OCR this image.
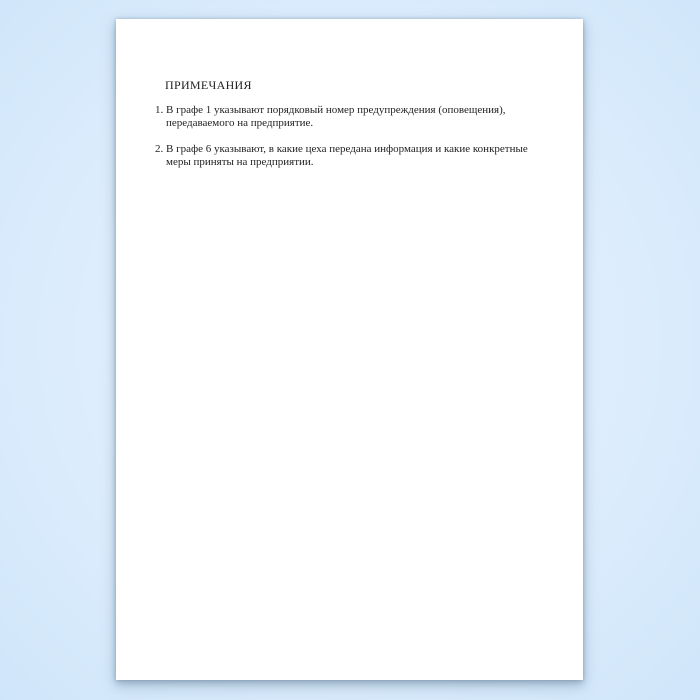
ПРИМЕЧАНИЯ
1. В графе 1 указывают порядковый номер предупреждения (оповещения), передаваемого на предприятие.
2. В графе 6 указывают, в какие цеха передана информация и какие конкретные меры приняты на предприятии.
